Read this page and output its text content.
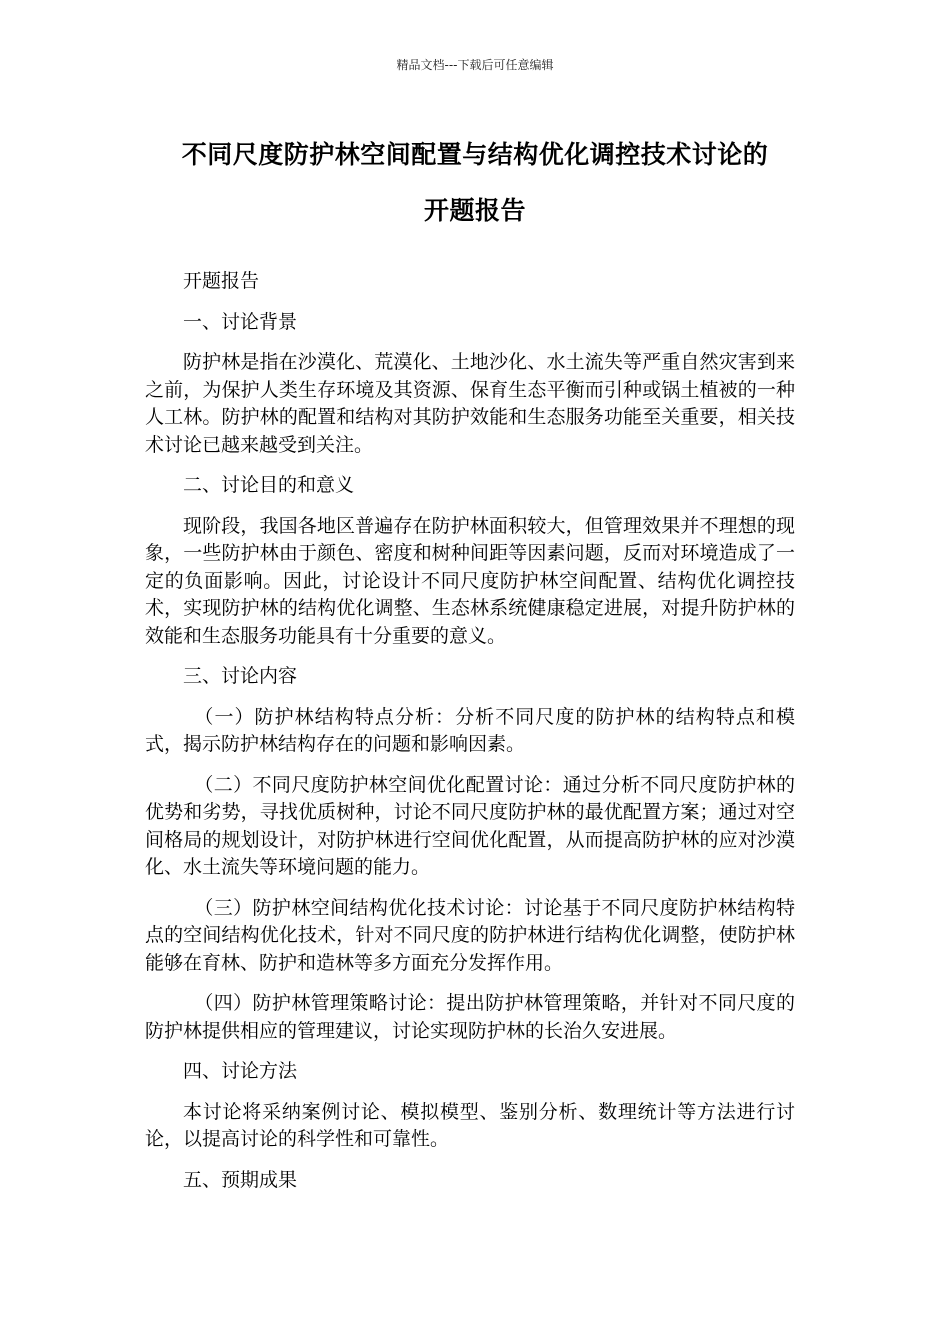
精品文档---下载后可任意编辑
不同尺度防护林空间配置与结构优化调控技术讨论的
开题报告

开题报告

一、讨论背景

防护林是指在沙漠化、荒漠化、土地沙化、水土流失等严重自然灾害到来之前，为保护人类生存环境及其资源、保育生态平衡而引种或锅土植被的一种人工林。防护林的配置和结构对其防护效能和生态服务功能至关重要，相关技术讨论已越来越受到关注。

二、讨论目的和意义

现阶段，我国各地区普遍存在防护林面积较大，但管理效果并不理想的现象，一些防护林由于颜色、密度和树种间距等因素问题，反而对环境造成了一定的负面影响。因此，讨论设计不同尺度防护林空间配置、结构优化调控技术，实现防护林的结构优化调整、生态林系统健康稳定进展，对提升防护林的效能和生态服务功能具有十分重要的意义。

三、讨论内容

（一）防护林结构特点分析：分析不同尺度的防护林的结构特点和模式，揭示防护林结构存在的问题和影响因素。

（二）不同尺度防护林空间优化配置讨论：通过分析不同尺度防护林的优势和劣势，寻找优质树种，讨论不同尺度防护林的最优配置方案；通过对空间格局的规划设计，对防护林进行空间优化配置，从而提高防护林的应对沙漠化、水土流失等环境问题的能力。

（三）防护林空间结构优化技术讨论：讨论基于不同尺度防护林结构特点的空间结构优化技术，针对不同尺度的防护林进行结构优化调整，使防护林能够在育林、防护和造林等多方面充分发挥作用。

（四）防护林管理策略讨论：提出防护林管理策略，并针对不同尺度的防护林提供相应的管理建议，讨论实现防护林的长治久安进展。

四、讨论方法

本讨论将采纳案例讨论、模拟模型、鉴别分析、数理统计等方法进行讨论，以提高讨论的科学性和可靠性。

五、预期成果
